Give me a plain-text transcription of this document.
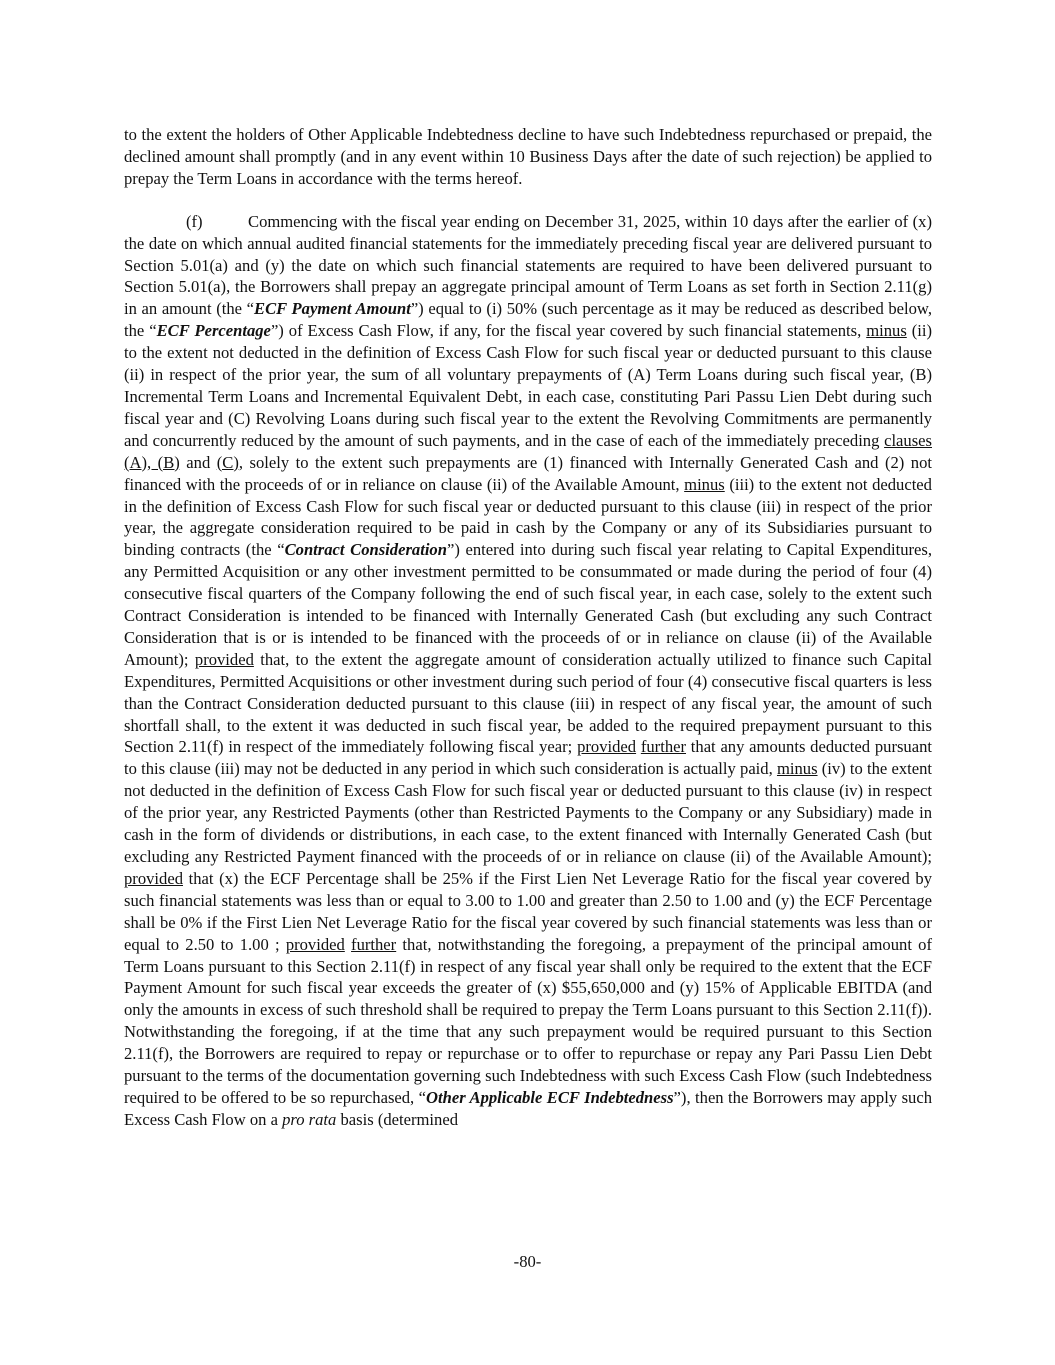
to the extent the holders of Other Applicable Indebtedness decline to have such Indebtedness repurchased or prepaid, the declined amount shall promptly (and in any event within 10 Business Days after the date of such rejection) be applied to prepay the Term Loans in accordance with the terms hereof.

(f)	Commencing with the fiscal year ending on December 31, 2025, within 10 days after the earlier of (x) the date on which annual audited financial statements for the immediately preceding fiscal year are delivered pursuant to Section 5.01(a) and (y) the date on which such financial statements are required to have been delivered pursuant to Section 5.01(a), the Borrowers shall prepay an aggregate principal amount of Term Loans as set forth in Section 2.11(g) in an amount (the “ECF Payment Amount”) equal to (i) 50% (such percentage as it may be reduced as described below, the “ECF Percentage”) of Excess Cash Flow, if any, for the fiscal year covered by such financial statements, minus (ii) to the extent not deducted in the definition of Excess Cash Flow for such fiscal year or deducted pursuant to this clause (ii) in respect of the prior year, the sum of all voluntary prepayments of (A) Term Loans during such fiscal year, (B) Incremental Term Loans and Incremental Equivalent Debt, in each case, constituting Pari Passu Lien Debt during such fiscal year and (C) Revolving Loans during such fiscal year to the extent the Revolving Commitments are permanently and concurrently reduced by the amount of such payments, and in the case of each of the immediately preceding clauses (A), (B) and (C), solely to the extent such prepayments are (1) financed with Internally Generated Cash and (2) not financed with the proceeds of or in reliance on clause (ii) of the Available Amount, minus (iii) to the extent not deducted in the definition of Excess Cash Flow for such fiscal year or deducted pursuant to this clause (iii) in respect of the prior year, the aggregate consideration required to be paid in cash by the Company or any of its Subsidiaries pursuant to binding contracts (the “Contract Consideration”) entered into during such fiscal year relating to Capital Expenditures, any Permitted Acquisition or any other investment permitted to be consummated or made during the period of four (4) consecutive fiscal quarters of the Company following the end of such fiscal year, in each case, solely to the extent such Contract Consideration is intended to be financed with Internally Generated Cash (but excluding any such Contract Consideration that is or is intended to be financed with the proceeds of or in reliance on clause (ii) of the Available Amount); provided that, to the extent the aggregate amount of consideration actually utilized to finance such Capital Expenditures, Permitted Acquisitions or other investment during such period of four (4) consecutive fiscal quarters is less than the Contract Consideration deducted pursuant to this clause (iii) in respect of any fiscal year, the amount of such shortfall shall, to the extent it was deducted in such fiscal year, be added to the required prepayment pursuant to this Section 2.11(f) in respect of the immediately following fiscal year; provided further that any amounts deducted pursuant to this clause (iii) may not be deducted in any period in which such consideration is actually paid, minus (iv) to the extent not deducted in the definition of Excess Cash Flow for such fiscal year or deducted pursuant to this clause (iv) in respect of the prior year, any Restricted Payments (other than Restricted Payments to the Company or any Subsidiary) made in cash in the form of dividends or distributions, in each case, to the extent financed with Internally Generated Cash (but excluding any Restricted Payment financed with the proceeds of or in reliance on clause (ii) of the Available Amount); provided that (x) the ECF Percentage shall be 25% if the First Lien Net Leverage Ratio for the fiscal year covered by such financial statements was less than or equal to 3.00 to 1.00 and greater than 2.50 to 1.00 and (y) the ECF Percentage shall be 0% if the First Lien Net Leverage Ratio for the fiscal year covered by such financial statements was less than or equal to 2.50 to 1.00 ; provided further that, notwithstanding the foregoing, a prepayment of the principal amount of Term Loans pursuant to this Section 2.11(f) in respect of any fiscal year shall only be required to the extent that the ECF Payment Amount for such fiscal year exceeds the greater of (x) $55,650,000 and (y) 15% of Applicable EBITDA (and only the amounts in excess of such threshold shall be required to prepay the Term Loans pursuant to this Section 2.11(f)). Notwithstanding the foregoing, if at the time that any such prepayment would be required pursuant to this Section 2.11(f), the Borrowers are required to repay or repurchase or to offer to repurchase or repay any Pari Passu Lien Debt pursuant to the terms of the documentation governing such Indebtedness with such Excess Cash Flow (such Indebtedness required to be offered to be so repurchased, “Other Applicable ECF Indebtedness”), then the Borrowers may apply such Excess Cash Flow on a pro rata basis (determined

-80-
